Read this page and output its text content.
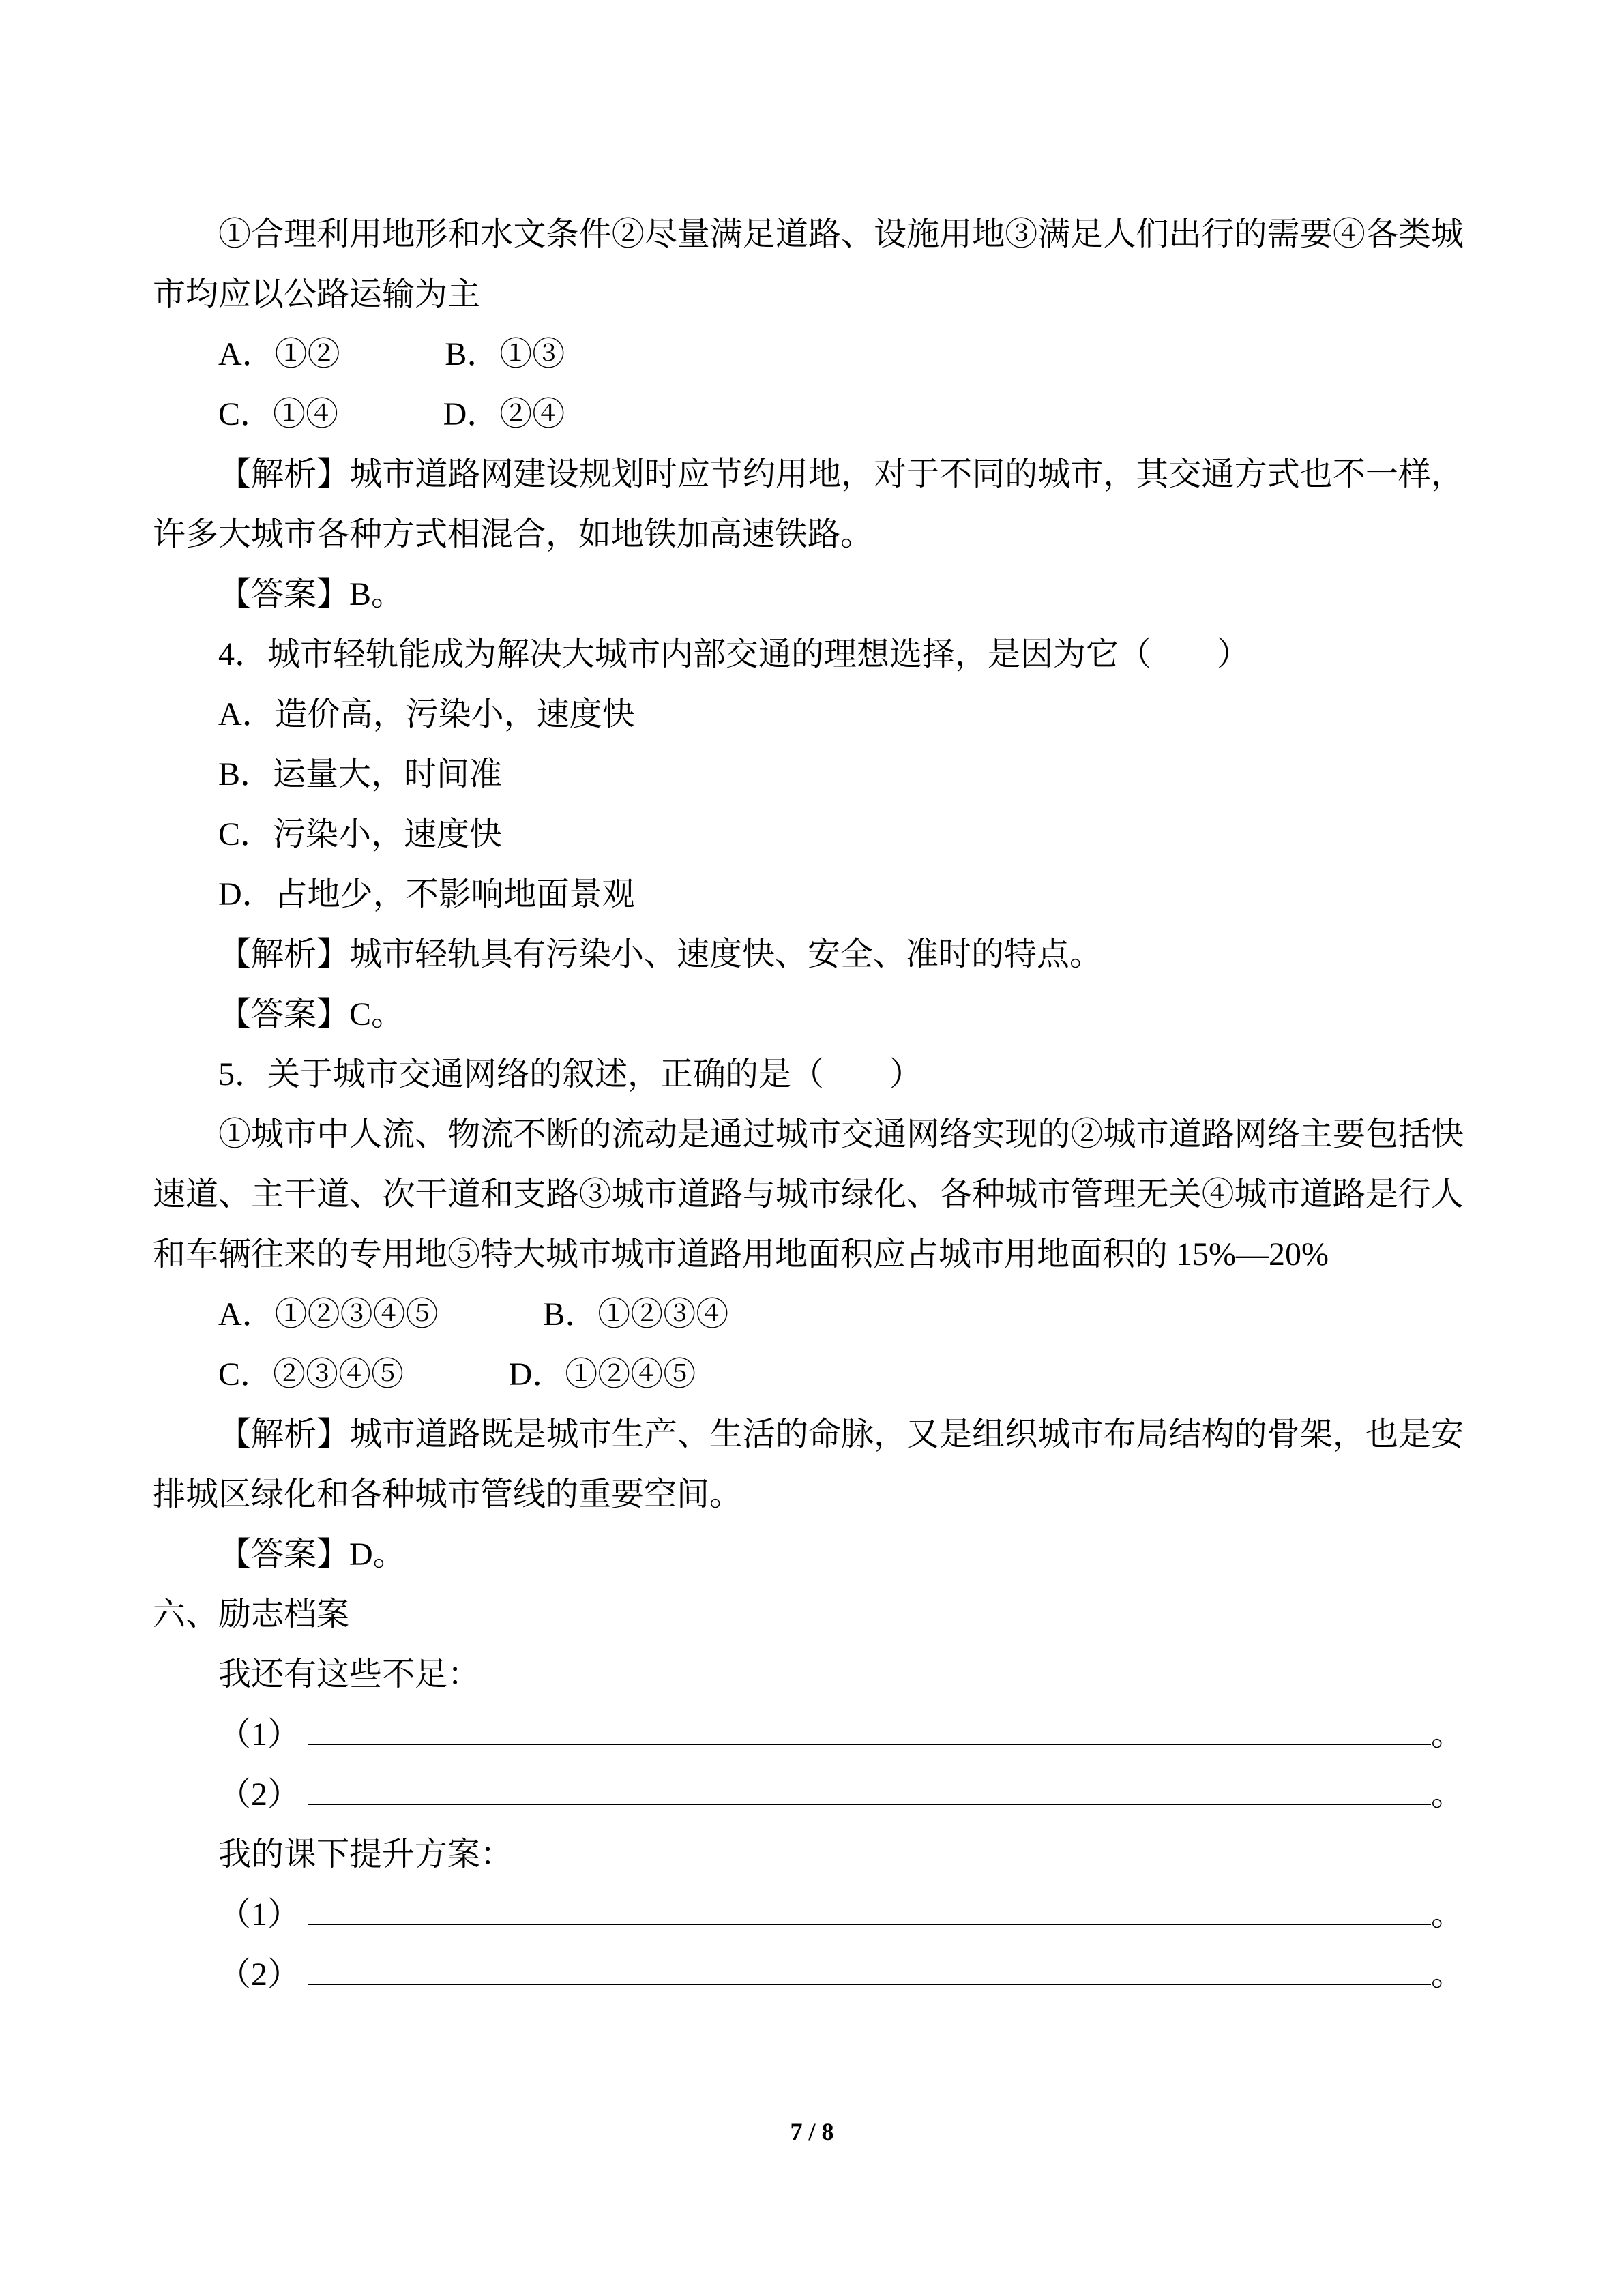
①合理利用地形和水文条件②尽量满足道路、设施用地③满足人们出行的需要④各类城市均应以公路运输为主
A．①②	B．①③
C．①④	D．②④
【解析】城市道路网建设规划时应节约用地，对于不同的城市，其交通方式也不一样，许多大城市各种方式相混合，如地铁加高速铁路。
【答案】B。
4．城市轻轨能成为解决大城市内部交通的理想选择，是因为它（　　）
A．造价高，污染小，速度快
B．运量大，时间准
C．污染小，速度快
D．占地少，不影响地面景观
【解析】城市轻轨具有污染小、速度快、安全、准时的特点。
【答案】C。
5．关于城市交通网络的叙述，正确的是（　　）
①城市中人流、物流不断的流动是通过城市交通网络实现的②城市道路网络主要包括快速道、主干道、次干道和支路③城市道路与城市绿化、各种城市管理无关④城市道路是行人和车辆往来的专用地⑤特大城市城市道路用地面积应占城市用地面积的 15%—20%
A．①②③④⑤	B．①②③④
C．②③④⑤	D．①②④⑤
【解析】城市道路既是城市生产、生活的命脉，又是组织城市布局结构的骨架，也是安排城区绿化和各种城市管线的重要空间。
【答案】D。
六、励志档案
我还有这些不足：
（1）	。
（2）	。
我的课下提升方案：
（1）	。
（2）	。
7 / 8
